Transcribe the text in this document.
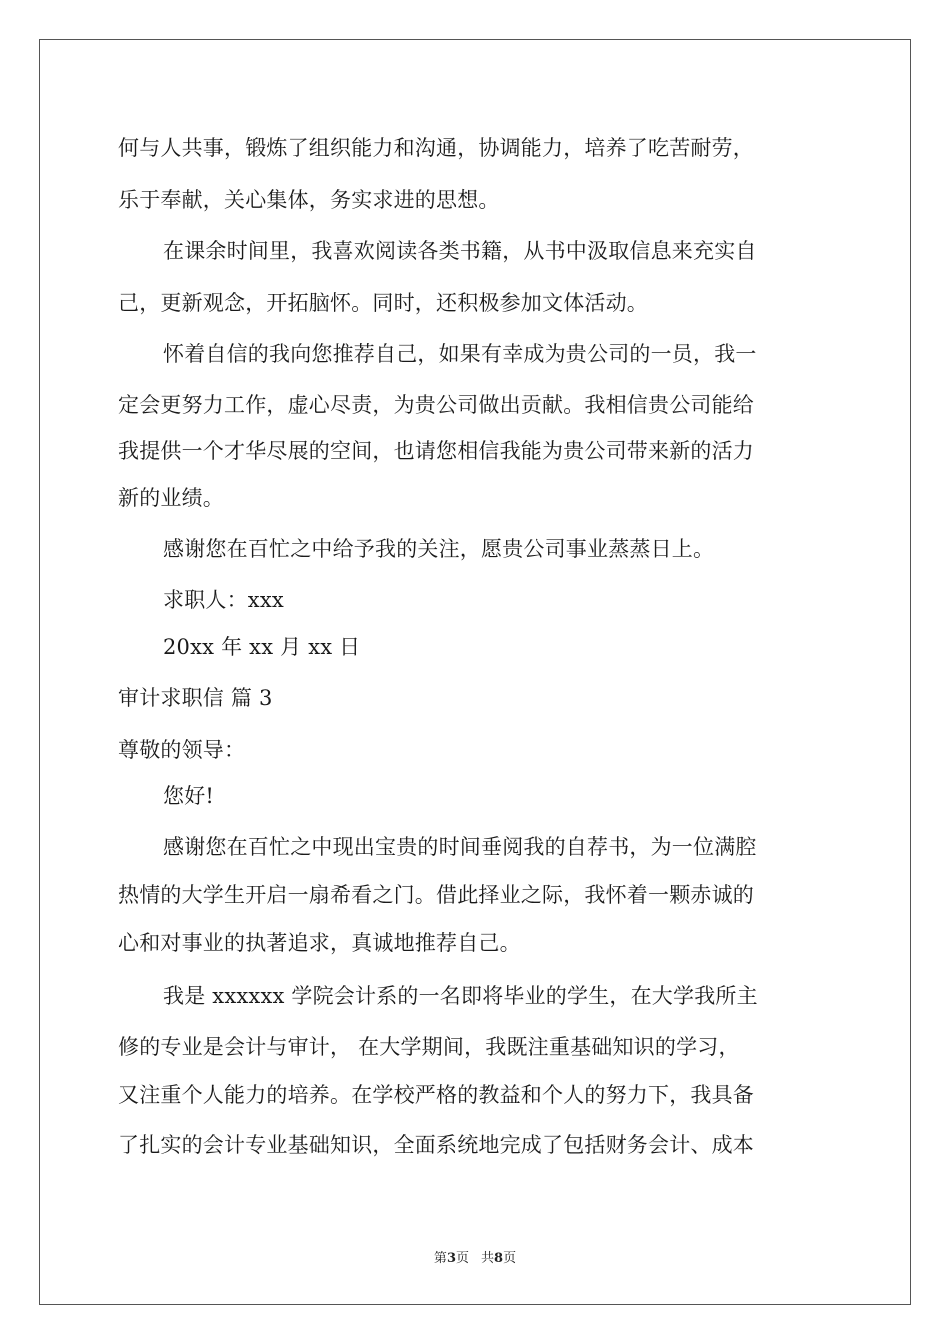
何与人共事，锻炼了组织能力和沟通，协调能力，培养了吃苦耐劳，
乐于奉献，关心集体，务实求进的思想。
在课余时间里，我喜欢阅读各类书籍，从书中汲取信息来充实自
己，更新观念，开拓脑怀。同时，还积极参加文体活动。
怀着自信的我向您推荐自己，如果有幸成为贵公司的一员，我一
定会更努力工作，虚心尽责，为贵公司做出贡献。我相信贵公司能给
我提供一个才华尽展的空间，也请您相信我能为贵公司带来新的活力
新的业绩。
感谢您在百忙之中给予我的关注，愿贵公司事业蒸蒸日上。
求职人：xxx
20xx 年 xx 月 xx 日
审计求职信 篇 3
尊敬的领导：
您好!
感谢您在百忙之中现出宝贵的时间垂阅我的自荐书，为一位满腔
热情的大学生开启一扇希看之门。借此择业之际，我怀着一颗赤诚的
心和对事业的执著追求，真诚地推荐自己。
我是 xxxxxx 学院会计系的一名即将毕业的学生，在大学我所主
修的专业是会计与审计， 在大学期间，我既注重基础知识的学习，
又注重个人能力的培养。在学校严格的教益和个人的努力下，我具备
了扎实的会计专业基础知识，全面系统地完成了包括财务会计、成本
第3页 共8页
